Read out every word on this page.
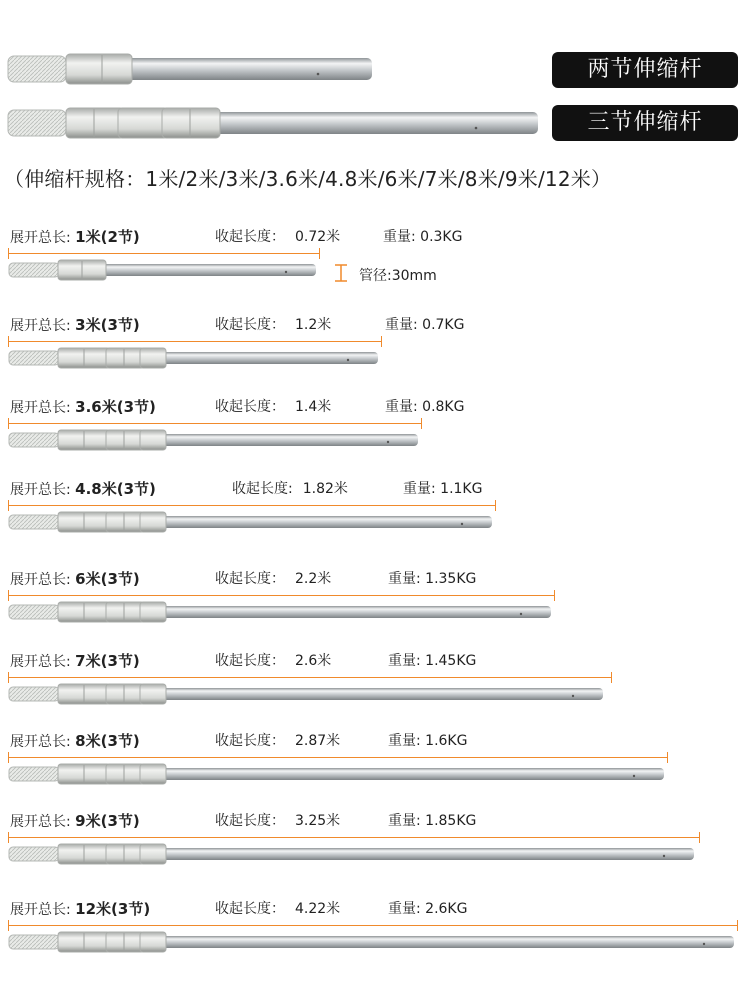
两节伸缩杆
三节伸缩杆
（伸缩杆规格：1米/2米/3米/3.6米/4.8米/6米/7米/8米/9米/12米）
展开总长: 1米(2节)	收起长度： 0.72米	重量: 0.3KG
展开总长: 3米(3节)	收起长度： 1.2米	重量: 0.7KG
展开总长: 3.6米(3节)	收起长度： 1.4米	重量: 0.8KG
展开总长: 4.8米(3节)	收起长度: 1.82米	重量: 1.1KG
展开总长: 6米(3节)	收起长度： 2.2米	重量: 1.35KG
展开总长: 7米(3节)	收起长度： 2.6米	重量: 1.45KG
展开总长: 8米(3节)	收起长度： 2.87米	重量: 1.6KG
展开总长: 9米(3节)	收起长度： 3.25米	重量: 1.85KG
展开总长: 12米(3节)	收起长度： 4.22米	重量: 2.6KG
管径:30mm
